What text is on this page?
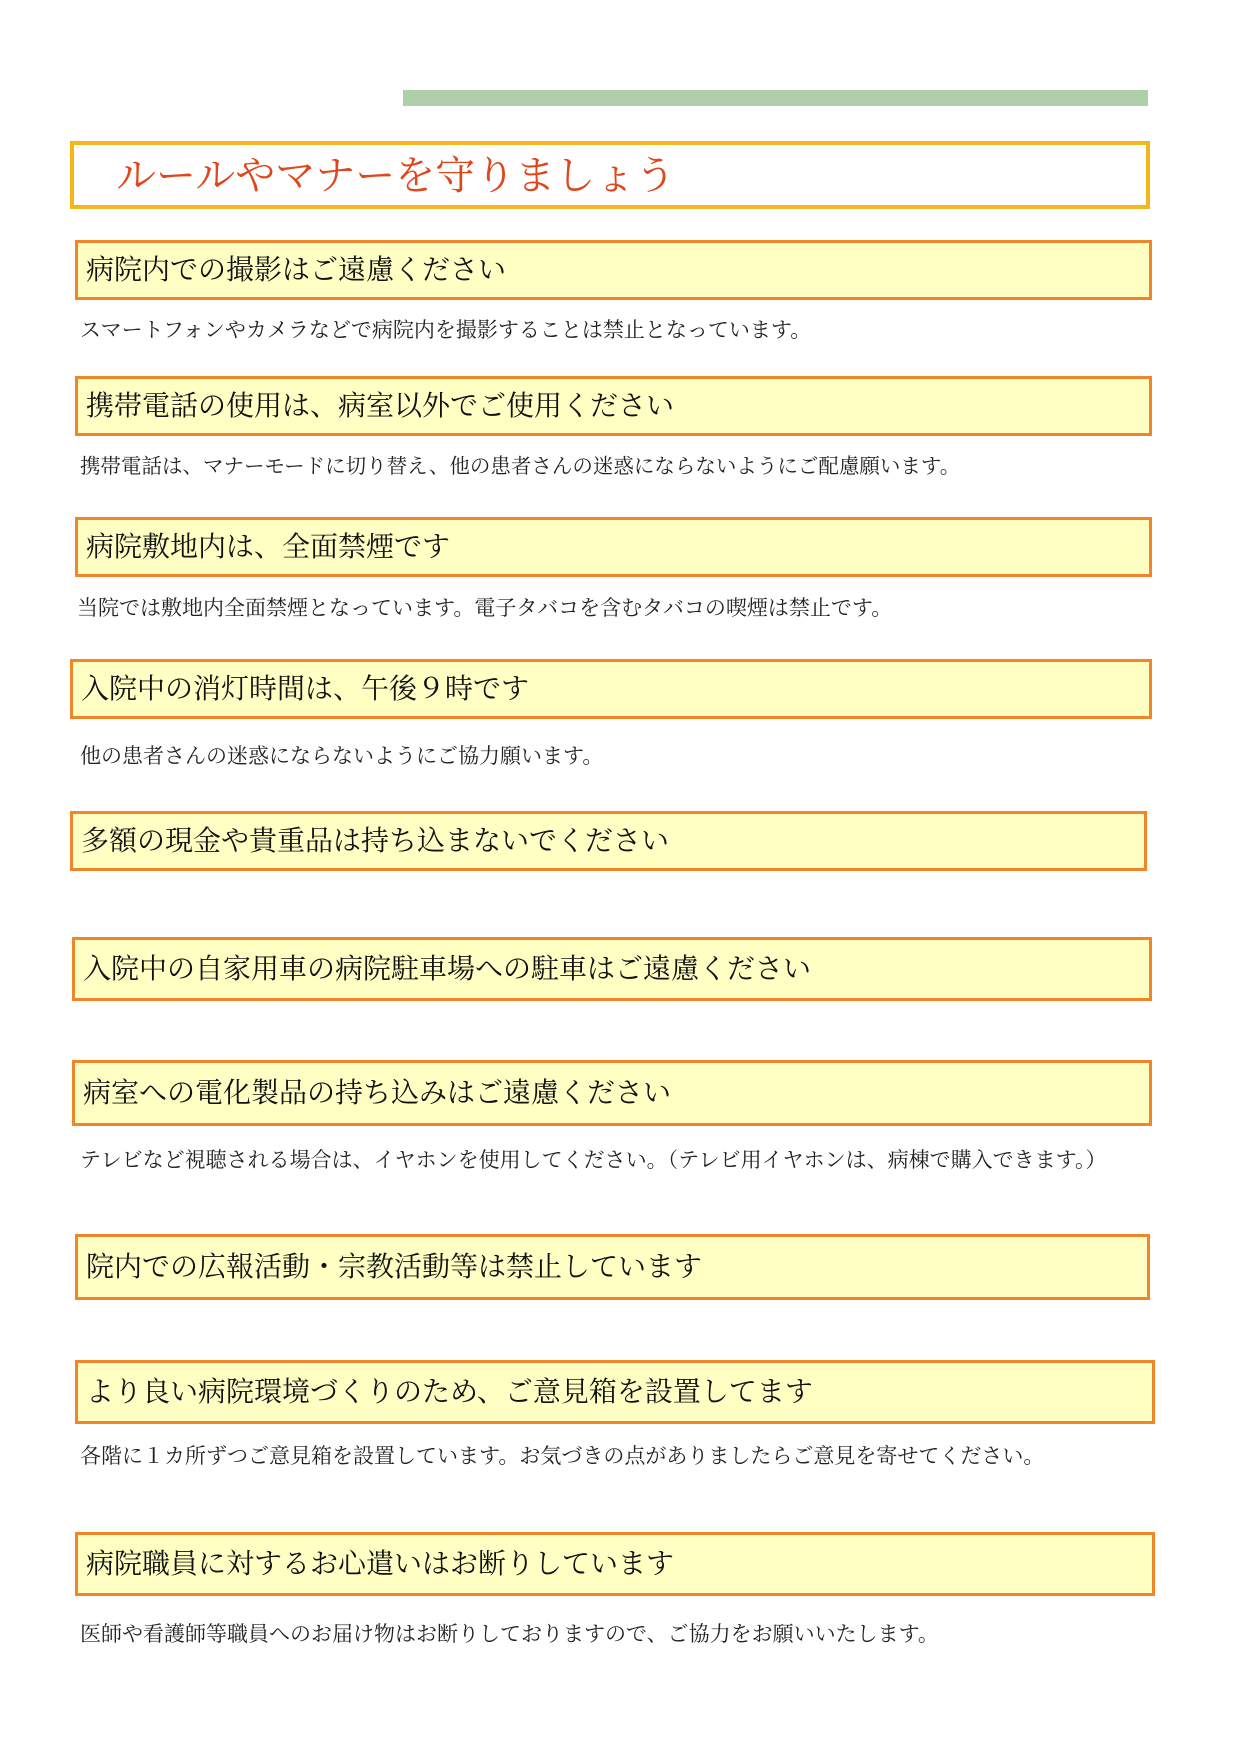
ルールやマナーを守りましょう
病院内での撮影はご遠慮ください
スマートフォンやカメラなどで病院内を撮影することは禁止となっています。
携帯電話の使用は、病室以外でご使用ください
携帯電話は、マナーモードに切り替え、他の患者さんの迷惑にならないようにご配慮願います。
病院敷地内は、全面禁煙です
当院では敷地内全面禁煙となっています。電子タバコを含むタバコの喫煙は禁止です。
入院中の消灯時間は、午後９時です
他の患者さんの迷惑にならないようにご協力願います。
多額の現金や貴重品は持ち込まないでください
入院中の自家用車の病院駐車場への駐車はご遠慮ください
病室への電化製品の持ち込みはご遠慮ください
テレビなど視聴される場合は、イヤホンを使用してください。（テレビ用イヤホンは、病棟で購入できます。）
院内での広報活動・宗教活動等は禁止しています
より良い病院環境づくりのため、ご意見箱を設置してます
各階に１カ所ずつご意見箱を設置しています。お気づきの点がありましたらご意見を寄せてください。
病院職員に対するお心遣いはお断りしています
医師や看護師等職員へのお届け物はお断りしておりますので、ご協力をお願いいたします。
